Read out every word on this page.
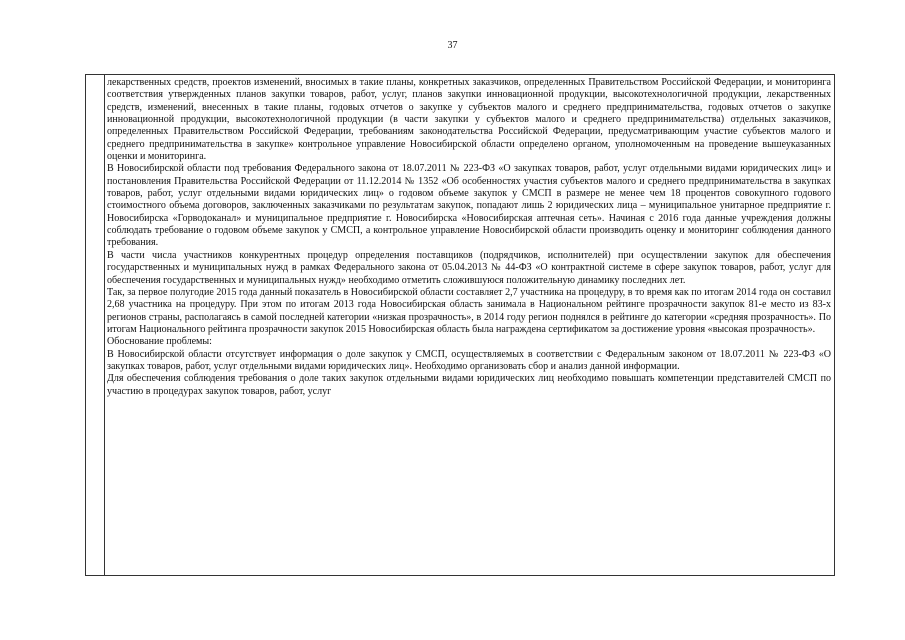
37

лекарственных средств, проектов изменений, вносимых в такие планы, конкретных заказчиков, определенных Правительством Российской Федерации, и мониторинга соответствия утвержденных планов закупки товаров, работ, услуг, планов закупки инновационной продукции, высокотехнологичной продукции, лекарственных средств, изменений, внесенных в такие планы, годовых отчетов о закупке у субъектов малого и среднего предпринимательства, годовых отчетов о закупке инновационной продукции, высокотехнологичной продукции (в части закупки у субъектов малого и среднего предпринимательства) отдельных заказчиков, определенных Правительством Российской Федерации, требованиям законодательства Российской Федерации, предусматривающим участие субъектов малого и среднего предпринимательства в закупке» контрольное управление Новосибирской области определено органом, уполномоченным на проведение вышеуказанных оценки и мониторинга.

В Новосибирской области под требования Федерального закона от 18.07.2011 № 223-ФЗ «О закупках товаров, работ, услуг отдельными видами юридических лиц» и постановления Правительства Российской Федерации от 11.12.2014 № 1352 «Об особенностях участия субъектов малого и среднего предпринимательства в закупках товаров, работ, услуг отдельными видами юридических лиц» о годовом объеме закупок у СМСП в размере не менее чем 18 процентов совокупного годового стоимостного объема договоров, заключенных заказчиками по результатам закупок, попадают лишь 2 юридических лица – муниципальное унитарное предприятие г. Новосибирска «Горводоканал» и муниципальное предприятие г. Новосибирска «Новосибирская аптечная сеть». Начиная с 2016 года данные учреждения должны соблюдать требование о годовом объеме закупок у СМСП, а контрольное управление Новосибирской области производить оценку и мониторинг соблюдения данного требования.

В части числа участников конкурентных процедур определения поставщиков (подрядчиков, исполнителей) при осуществлении закупок для обеспечения государственных и муниципальных нужд в рамках Федерального закона от 05.04.2013 № 44-ФЗ «О контрактной системе в сфере закупок товаров, работ, услуг для обеспечения государственных и муниципальных нужд» необходимо отметить сложившуюся положительную динамику последних лет.

Так, за первое полугодие 2015 года данный показатель в Новосибирской области составляет 2,7 участника на процедуру, в то время как по итогам 2014 года он составил 2,68 участника на процедуру. При этом по итогам 2013 года Новосибирская область занимала в Национальном рейтинге прозрачности закупок 81-е место из 83-х регионов страны, располагаясь в самой последней категории «низкая прозрачность», в 2014 году регион поднялся в рейтинге до категории «средняя прозрачность». По итогам Национального рейтинга прозрачности закупок 2015 Новосибирская область была награждена сертификатом за достижение уровня «высокая прозрачность».

Обоснование проблемы:

В Новосибирской области отсутствует информация о доле закупок у СМСП, осуществляемых в соответствии с Федеральным законом от 18.07.2011 № 223-ФЗ «О закупках товаров, работ, услуг отдельными видами юридических лиц». Необходимо организовать сбор и анализ данной информации.

Для обеспечения соблюдения требования о доле таких закупок отдельными видами юридических лиц необходимо повышать компетенции представителей СМСП по участию в процедурах закупок товаров, работ, услуг
